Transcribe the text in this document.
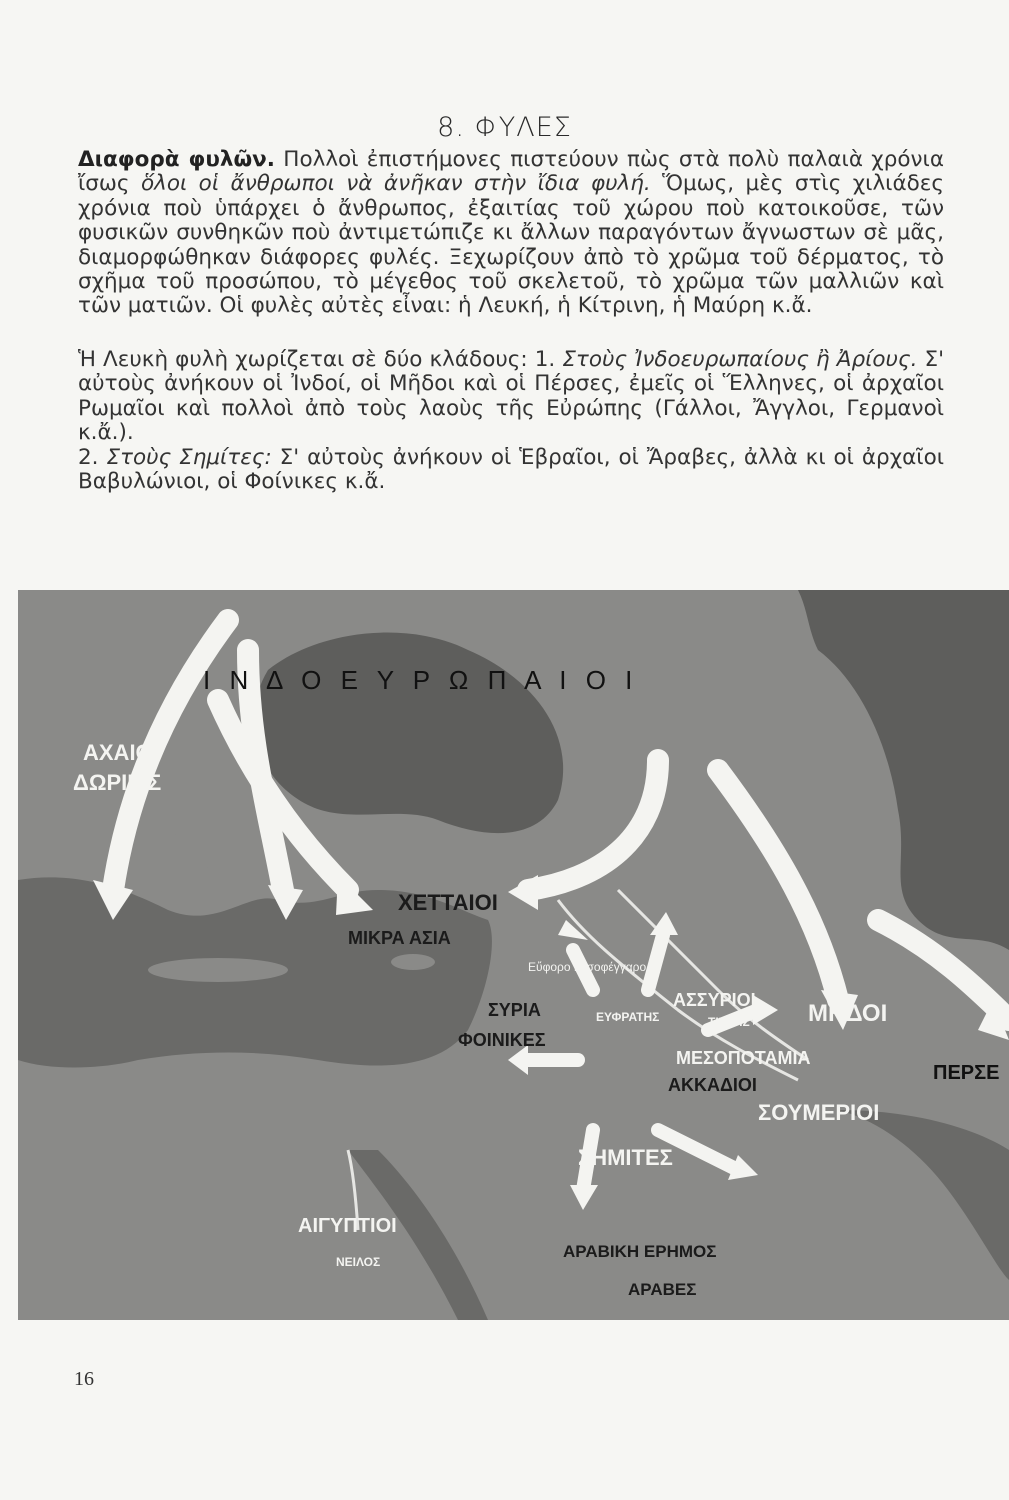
8. ΦΥΛΕΣ
Διαφορὰ φυλῶν. Πολλοὶ ἐπιστήμονες πιστεύουν πὼς στὰ πολὺ παλαιὰ χρόνια ἴσως ὅλοι οἱ ἄνθρωποι νὰ ἀνῆκαν στὴν ἴδια φυλή. Ὅμως, μὲς στὶς χιλιάδες χρόνια ποὺ ὑπάρχει ὁ ἄνθρωπος, ἐξαιτίας τοῦ χώρου ποὺ κατοικοῦσε, τῶν φυσικῶν συνθηκῶν ποὺ ἀντιμετώπιζε κι ἄλλων παραγόντων ἄγνωστων σὲ μᾶς, διαμορφώθηκαν διάφορες φυλές. Ξεχωρίζουν ἀπὸ τὸ χρῶμα τοῦ δέρματος, τὸ σχῆμα τοῦ προσώπου, τὸ μέγεθος τοῦ σκελετοῦ, τὸ χρῶμα τῶν μαλλιῶν καὶ τῶν ματιῶν. Οἱ φυλὲς αὐτὲς εἶναι: ἡ Λευκή, ἡ Κίτρινη, ἡ Μαύρη κ.ἄ.
Ἡ Λευκὴ φυλὴ χωρίζεται σὲ δύο κλάδους: 1. Στοὺς Ἰνδοευρωπαίους ἢ Ἀρίους. Σ' αὐτοὺς ἀνήκουν οἱ Ἰνδοί, οἱ Μῆδοι καὶ οἱ Πέρσες, ἐμεῖς οἱ Ἕλληνες, οἱ ἀρχαῖοι Ρωμαῖοι καὶ πολλοὶ ἀπὸ τοὺς λαοὺς τῆς Εὐρώπης (Γάλλοι, Ἄγγλοι, Γερμανοὶ κ.ἄ.).
2. Στοὺς Σημίτες: Σ' αὐτοὺς ἀνήκουν οἱ Ἑβραῖοι, οἱ Ἄραβες, ἀλλὰ κι οἱ ἀρχαῖοι Βαβυλώνιοι, οἱ Φοίνικες κ.ἄ.
Ι Ν Δ Ο Ε Υ Ρ Ω Π Α Ι Ο Ι
ΑΧΑΙΟΙ
ΔΩΡΙΕΙΣ
ΧΕΤΤΑΙΟΙ
ΜΙΚΡΑ ΑΣΙΑ
Εὔφορο Μισοφέγγαρο
ΣΥΡΙΑ
ΦΟΙΝΙΚΕΣ
ΕΥΦΡΑΤΗΣ
ΑΣΣΥΡΙΟΙ
ΤΙΓΡΗΣ ΜΗΔΟΙ
ΜΕΣΟΠΟΤΑΜΙΑ
ΠΕΡΣΕ
ΑΚΚΑΔΙΟΙ
ΣΟΥΜΕΡΙΟΙ
ΣΗΜΙΤΕΣ
ΑΙΓΥΠΤΙΟΙ
ΝΕΙΛΟΣ
ΑΡΑΒΙΚΗ ΕΡΗΜΟΣ
ΑΡΑΒΕΣ
16
